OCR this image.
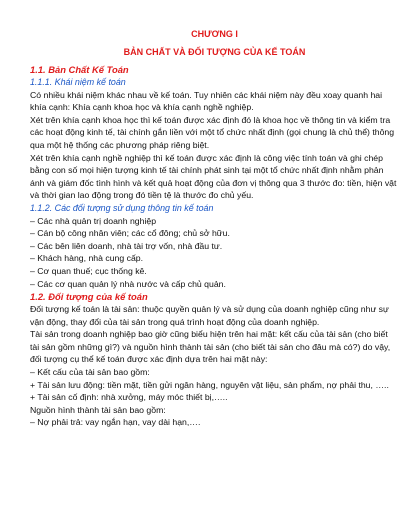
CHƯƠNG I
BẢN CHẤT VÀ ĐỐI TƯỢNG CỦA KẾ TOÁN
1.1. Bản Chất Kế Toán
1.1.1. Khái niệm kế toán

Có nhiều khái niệm khác nhau về kế toán. Tuy nhiên các khái niệm này đều xoay quanh hai khía cạnh: Khía cạnh khoa học và khía cạnh nghề nghiệp.

Xét trên khía cạnh khoa học thì kế toán được xác định đó là khoa học về thông tin và kiểm tra các hoạt động kinh tế, tài chính gắn liền với một tổ chức nhất định (gọi chung là chủ thể) thông qua một hệ thống các phương pháp riêng biệt.

Xét trên khía cạnh nghề nghiệp thì kế toán được xác định là công việc tính toán và ghi chép bằng con số mọi hiện tượng kinh tế tài chính phát sinh tại một tổ chức nhất định nhằm phản ánh và giám đốc tình hình và kết quả hoạt động của đơn vị thông qua 3 thước đo: tiền, hiện vật và thời gian lao động trong đó tiền tệ là thước đo chủ yếu.

1.1.2. Các đối tượng sử dụng thông tin kế toán

– Các nhà quản trị doanh nghiệp

– Cán bộ công nhân viên; các cổ đông; chủ sở hữu.

– Các bên liên doanh, nhà tài trợ vốn, nhà đầu tư.

– Khách hàng, nhà cung cấp.

– Cơ quan thuế; cục thống kê.

– Các cơ quan quản lý nhà nước và cấp chủ quản.

1.2. Đối tượng của kế toán

Đối tượng kế toán là tài sản: thuộc quyền quản lý và sử dụng của doanh nghiệp cũng như sự vận động, thay đổi của tài sản trong quá trình hoạt động của doanh nghiệp.

Tài sản trong doanh nghiệp bao giờ cũng biểu hiện trên hai mặt: kết cấu của tài sản (cho biết tài sản gồm những gì?) và nguồn hình thành tài sản (cho biết tài sản cho đâu mà có?) do vậy, đối tượng cụ thể kế toán được xác định dựa trên hai mặt này:

– Kết cấu của tài sản bao gồm:

+ Tài sản lưu động: tiền mặt, tiền gửi ngân hàng, nguyên vật liệu, sản phẩm, nợ phải thu, …..

+ Tài sản cố định: nhà xưởng, máy móc thiết bị,…..

Nguồn hình thành tài sản bao gồm:

– Nợ phải trả: vay ngắn hạn, vay dài hạn,….
